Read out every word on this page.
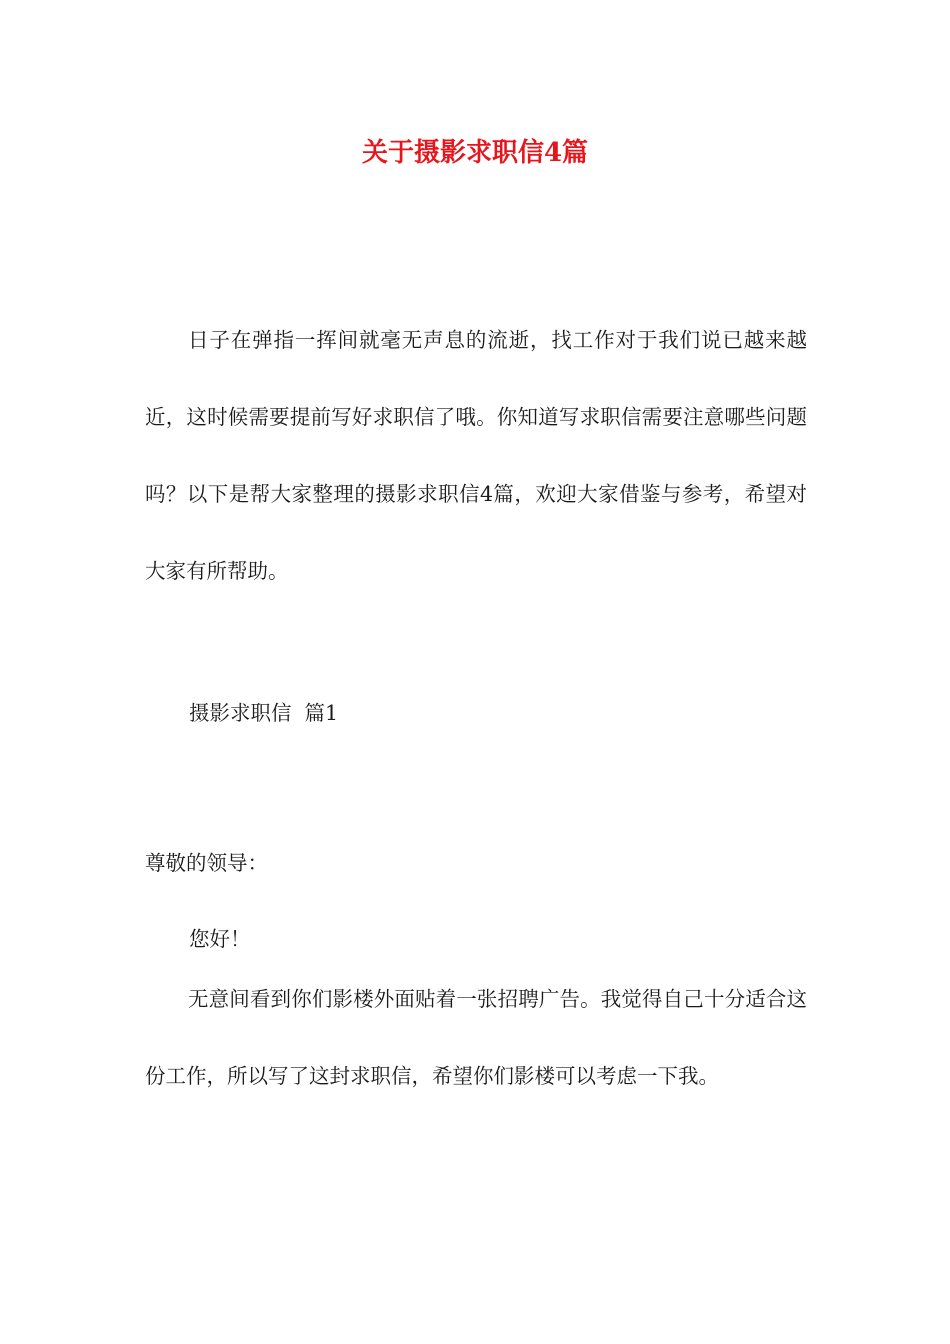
关于摄影求职信4篇

日子在弹指一挥间就毫无声息的流逝，找工作对于我们说已越来越近，这时候需要提前写好求职信了哦。你知道写求职信需要注意哪些问题吗？以下是帮大家整理的摄影求职信4篇，欢迎大家借鉴与参考，希望对大家有所帮助。

摄影求职信  篇1

尊敬的领导：

您好！

无意间看到你们影楼外面贴着一张招聘广告。我觉得自己十分适合这份工作，所以写了这封求职信，希望你们影楼可以考虑一下我。
